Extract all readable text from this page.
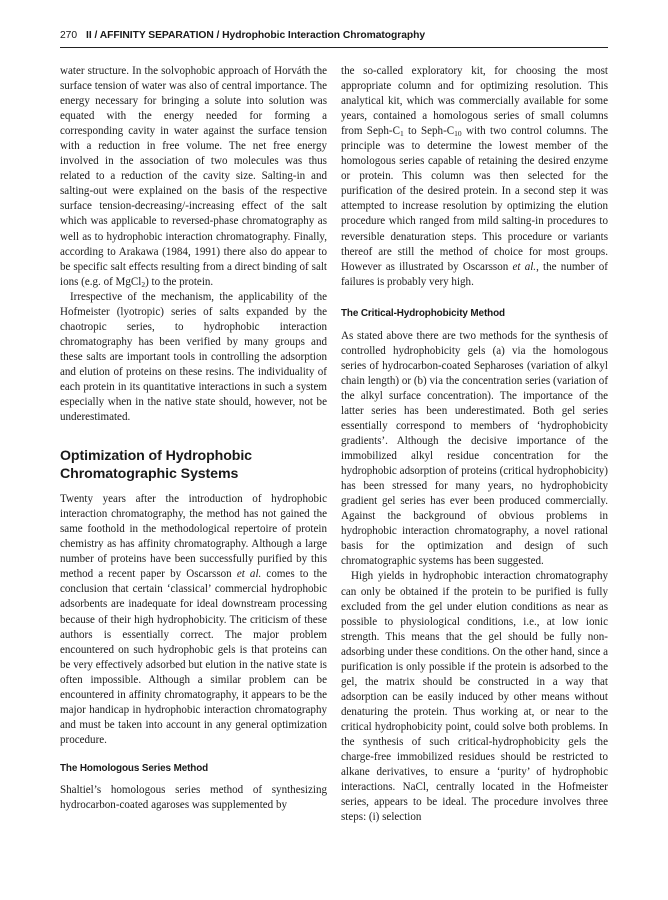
270 II / AFFINITY SEPARATION / Hydrophobic Interaction Chromatography

water structure. In the solvophobic approach of Horváth the surface tension of water was also of central importance. The energy necessary for bringing a solute into solution was equated with the energy needed for forming a corresponding cavity in water against the surface tension with a reduction in free volume. The net free energy involved in the association of two molecules was thus related to a reduction of the cavity size. Salting-in and salting-out were explained on the basis of the respective surface tension-decreasing/-increasing effect of the salt which was applicable to reversed-phase chromatography as well as to hydrophobic interaction chromatography. Finally, according to Arakawa (1984, 1991) there also do appear to be specific salt effects resulting from a direct binding of salt ions (e.g. of MgCl$_2$) to the protein.

Irrespective of the mechanism, the applicability of the Hofmeister (lyotropic) series of salts expanded by the chaotropic series, to hydrophobic interaction chromatography has been verified by many groups and these salts are important tools in controlling the adsorption and elution of proteins on these resins. The individuality of each protein in its quantitative interactions in such a system especially when in the native state should, however, not be underestimated.

Optimization of Hydrophobic
Chromatographic Systems

Twenty years after the introduction of hydrophobic interaction chromatography, the method has not gained the same foothold in the methodological repertoire of protein chemistry as has affinity chromatography. Although a large number of proteins have been successfully purified by this method a recent paper by Oscarsson et al. comes to the conclusion that certain ‘classical’ commercial hydrophobic adsorbents are inadequate for ideal downstream processing because of their high hydrophobicity. The criticism of these authors is essentially correct. The major problem encountered on such hydrophobic gels is that proteins can be very effectively adsorbed but elution in the native state is often impossible. Although a similar problem can be encountered in affinity chromatography, it appears to be the major handicap in hydrophobic interaction chromatography and must be taken into account in any general optimization procedure.

The Homologous Series Method

Shaltiel’s homologous series method of synthesizing hydrocarbon-coated agaroses was supplemented by

the so-called exploratory kit, for choosing the most appropriate column and for optimizing resolution. This analytical kit, which was commercially available for some years, contained a homologous series of small columns from Seph-$C_1$ to Seph-$C_{10}$ with two control columns. The principle was to determine the lowest member of the homologous series capable of retaining the desired enzyme or protein. This column was then selected for the purification of the desired protein. In a second step it was attempted to increase resolution by optimizing the elution procedure which ranged from mild salting-in procedures to reversible denaturation steps. This procedure or variants thereof are still the method of choice for most groups. However as illustrated by Oscarsson et al., the number of failures is probably very high.

The Critical-Hydrophobicity Method

As stated above there are two methods for the synthesis of controlled hydrophobicity gels (a) via the homologous series of hydrocarbon-coated Sepharoses (variation of alkyl chain length) or (b) via the concentration series (variation of the alkyl surface concentration). The importance of the latter series has been underestimated. Both gel series essentially correspond to members of ‘hydrophobicity gradients’. Although the decisive importance of the immobilized alkyl residue concentration for the hydrophobic adsorption of proteins (critical hydrophobicity) has been stressed for many years, no hydrophobicity gradient gel series has ever been produced commercially. Against the background of obvious problems in hydrophobic interaction chromatography, a novel rational basis for the optimization and design of such chromatographic systems has been suggested.

High yields in hydrophobic interaction chromatography can only be obtained if the protein to be purified is fully excluded from the gel under elution conditions as near as possible to physiological conditions, i.e., at low ionic strength. This means that the gel should be fully non-adsorbing under these conditions. On the other hand, since a purification is only possible if the protein is adsorbed to the gel, the matrix should be constructed in a way that adsorption can be easily induced by other means without denaturing the protein. Thus working at, or near to the critical hydrophobicity point, could solve both problems. In the synthesis of such critical-hydrophobicity gels the charge-free immobilized residues should be restricted to alkane derivatives, to ensure a ‘purity’ of hydrophobic interactions. NaCl, centrally located in the Hofmeister series, appears to be ideal. The procedure involves three steps: (i) selection
